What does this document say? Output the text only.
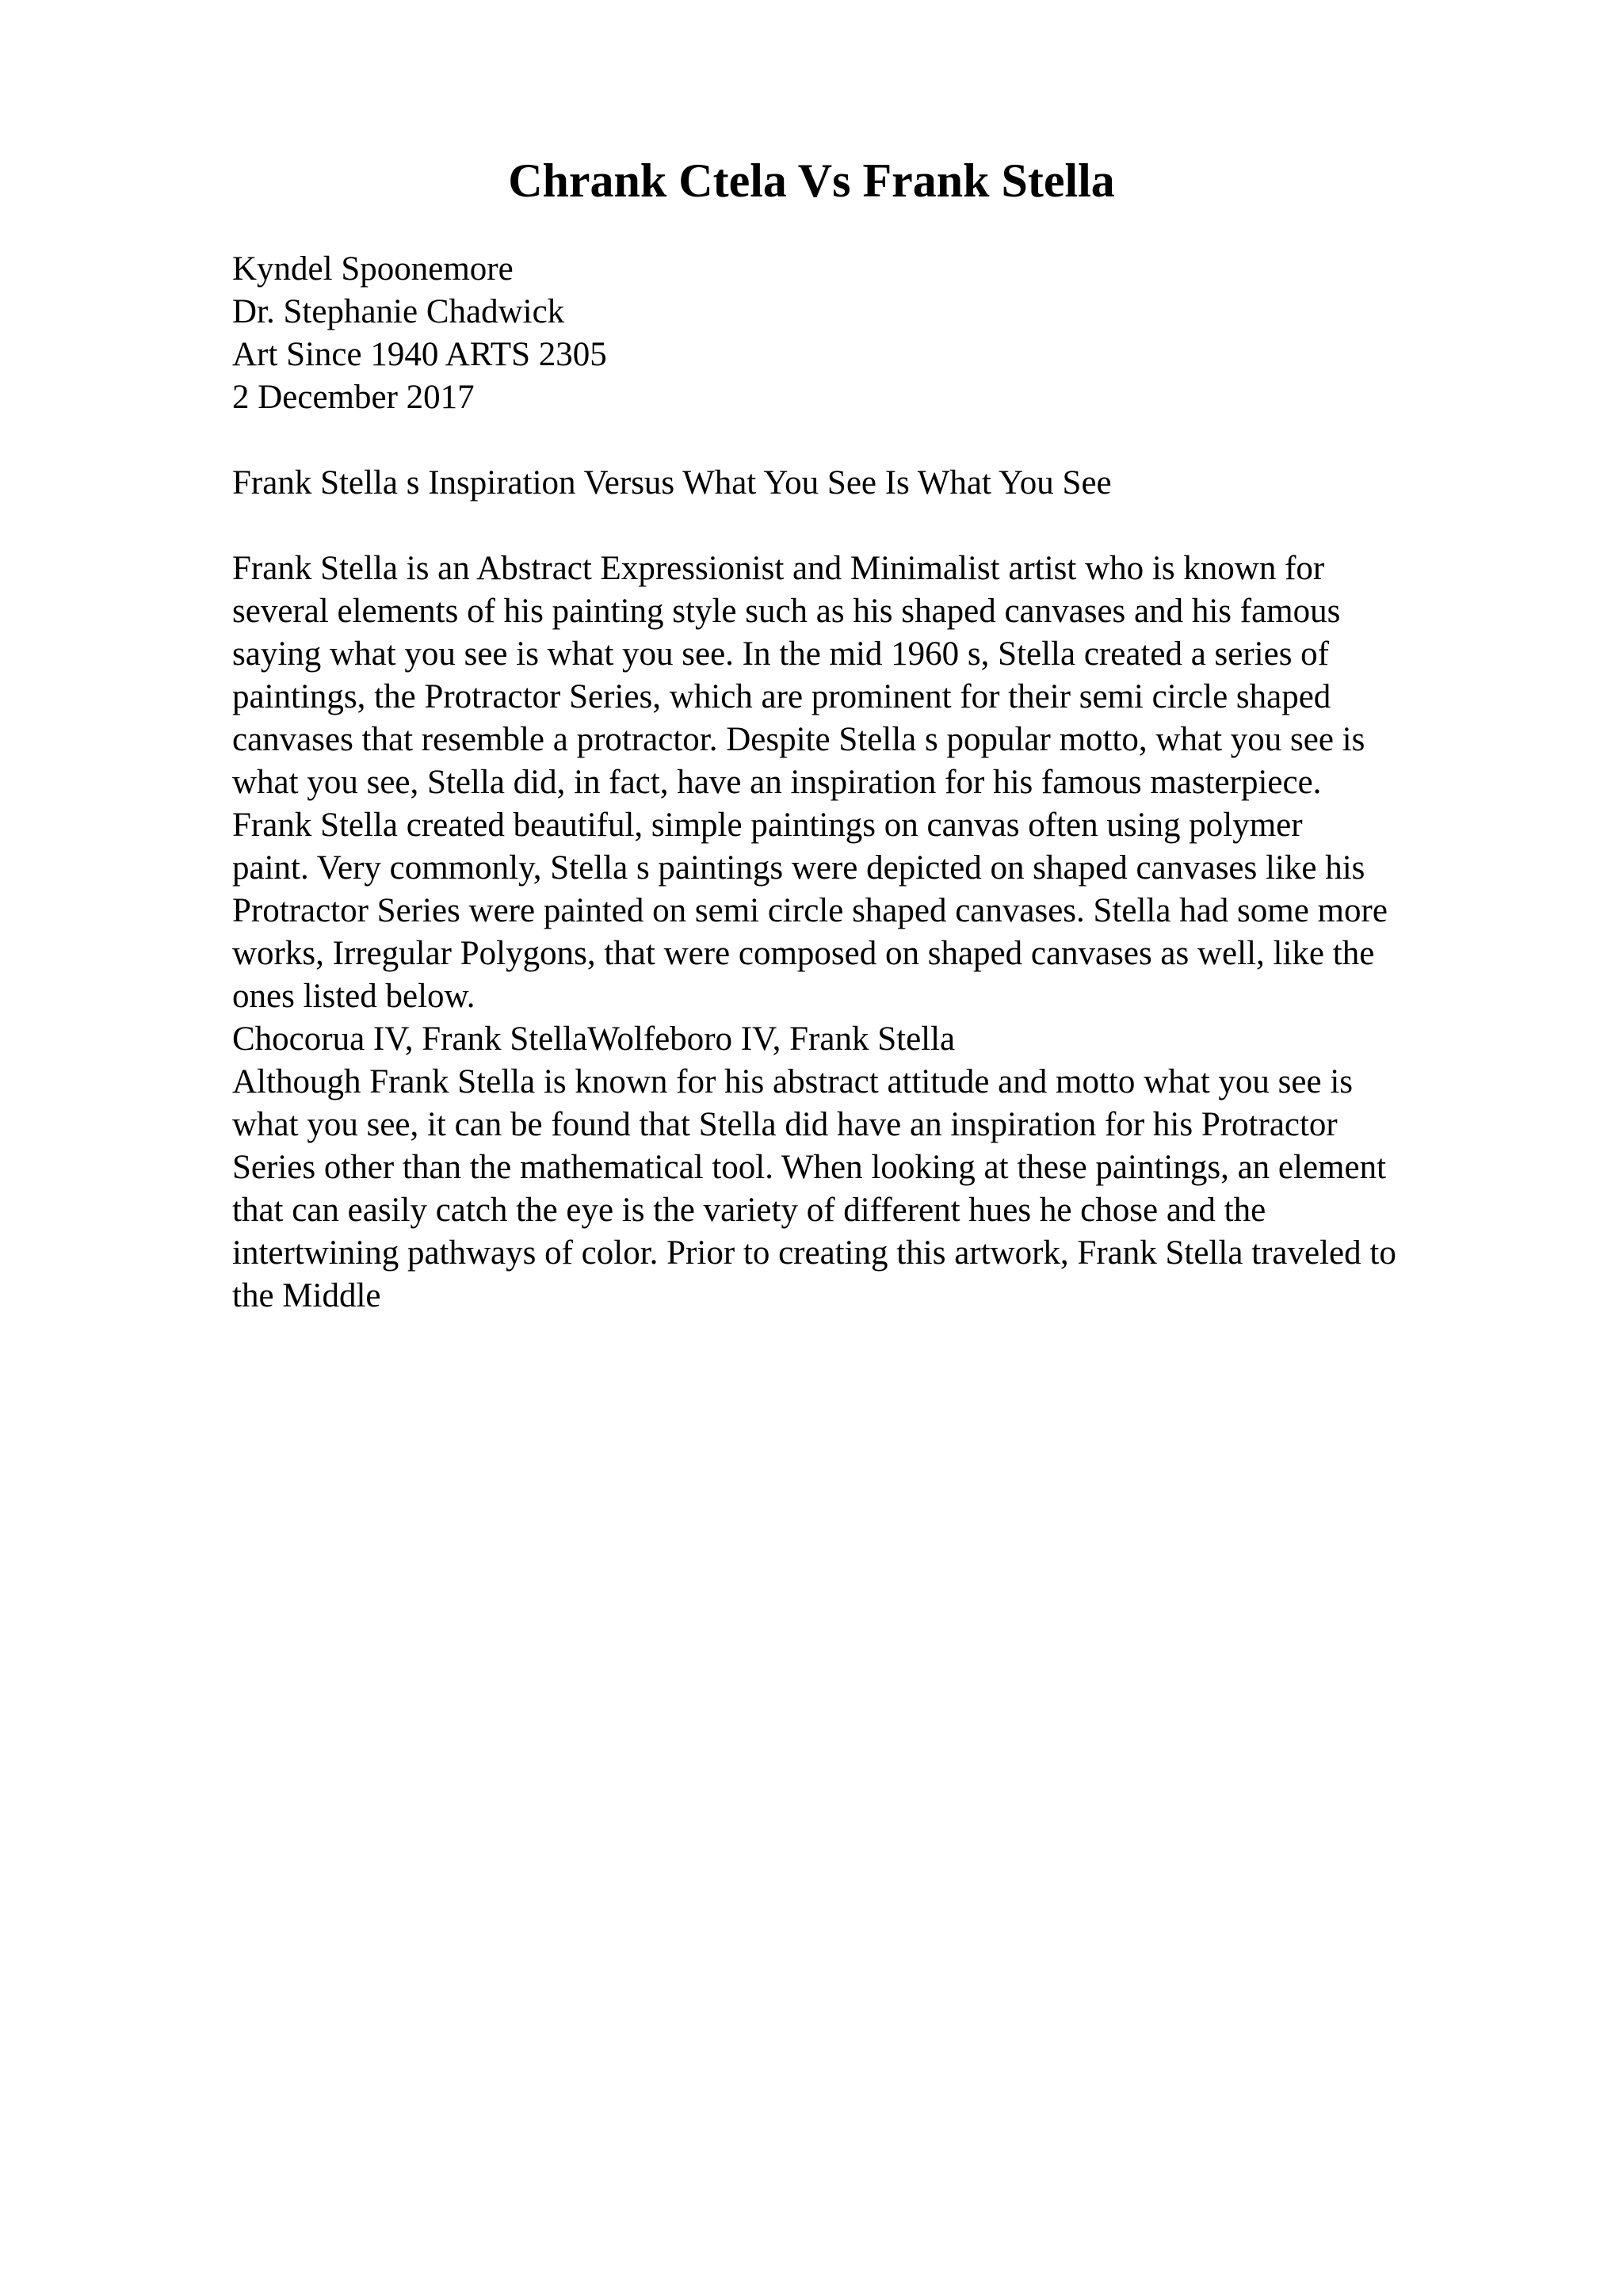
Chrank Ctela Vs Frank Stella
Kyndel Spoonemore
Dr. Stephanie Chadwick
Art Since 1940 ARTS 2305
2 December 2017
Frank Stella s Inspiration Versus What You See Is What You See
Frank Stella is an Abstract Expressionist and Minimalist artist who is known for
several elements of his painting style such as his shaped canvases and his famous
saying what you see is what you see. In the mid 1960 s, Stella created a series of
paintings, the Protractor Series, which are prominent for their semi circle shaped
canvases that resemble a protractor. Despite Stella s popular motto, what you see is
what you see, Stella did, in fact, have an inspiration for his famous masterpiece.
Frank Stella created beautiful, simple paintings on canvas often using polymer
paint. Very commonly, Stella s paintings were depicted on shaped canvases like his
Protractor Series were painted on semi circle shaped canvases. Stella had some more
works, Irregular Polygons, that were composed on shaped canvases as well, like the
ones listed below.
Chocorua IV, Frank StellaWolfeboro IV, Frank Stella
Although Frank Stella is known for his abstract attitude and motto what you see is
what you see, it can be found that Stella did have an inspiration for his Protractor
Series other than the mathematical tool. When looking at these paintings, an element
that can easily catch the eye is the variety of different hues he chose and the
intertwining pathways of color. Prior to creating this artwork, Frank Stella traveled to
the Middle
